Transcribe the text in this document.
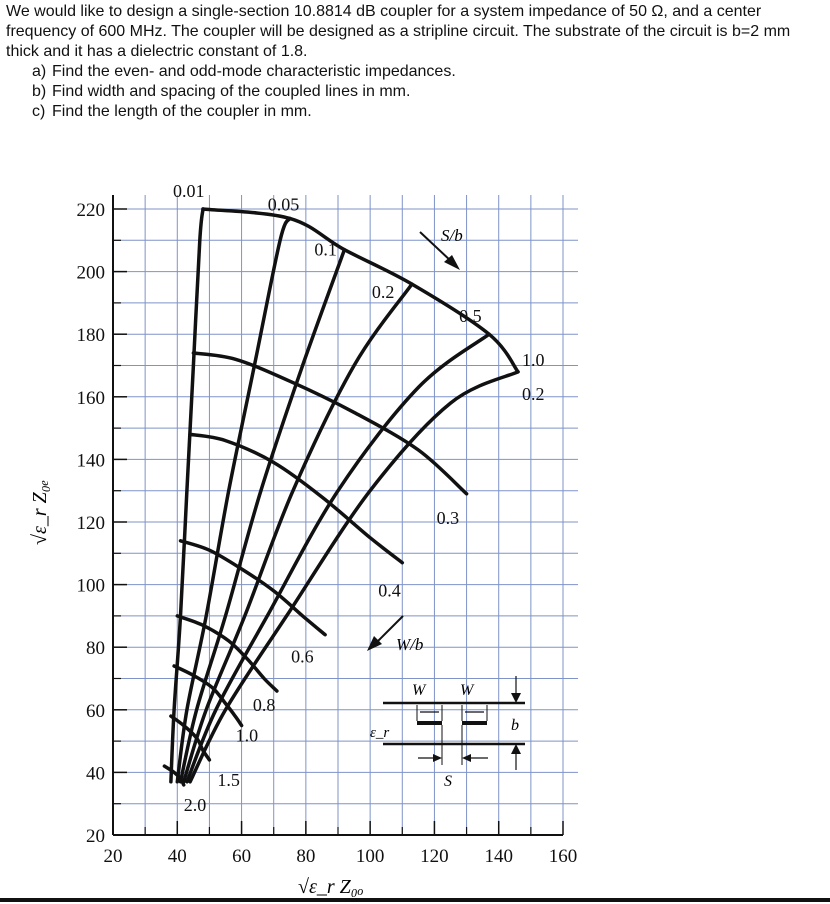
We would like to design a single-section 10.8814 dB coupler for a system impedance of 50 Ω, and a center frequency of 600 MHz. The coupler will be designed as a stripline circuit. The substrate of the circuit is b=2 mm thick and it has a dielectric constant of 1.8.

a) Find the even- and odd-mode characteristic impedances.
b) Find width and spacing of the coupled lines in mm.
c) Find the length of the coupler in mm.
20
40
60
80
100
120
140
160
180
200
220
20 40 60 80 100 120 140 160
0.01
0.05
0.1
0.2
0.5
1.0
0.2
0.3
0.4
0.6
0.8
1.0
1.5
2.0
S/b
W/b
W W
S
b
ε_r
√ε_r Z₀ₑ
√ε_r Z₀ₒ
